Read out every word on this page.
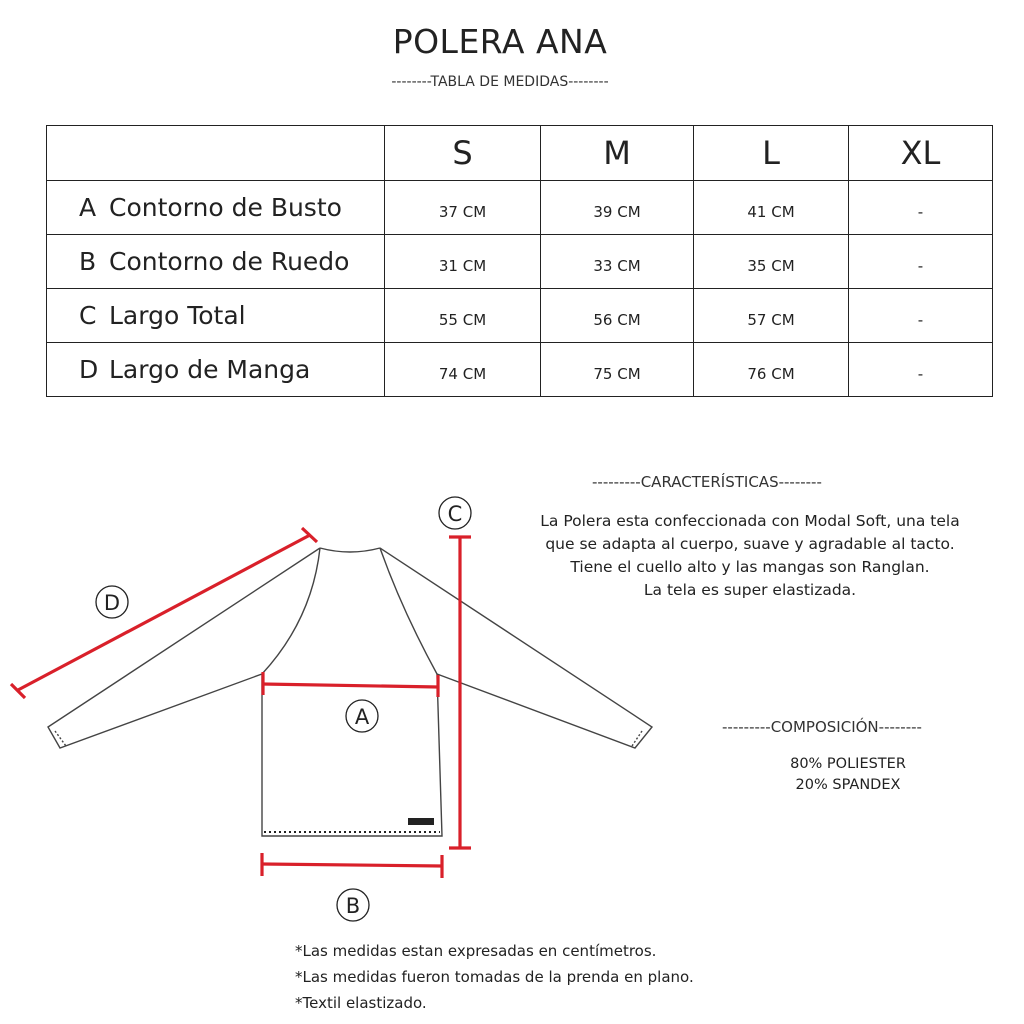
POLERA ANA
--------TABLA DE MEDIDAS--------
	S	M	L	XL
A Contorno de Busto	37 CM	39 CM	41 CM	-
B Contorno de Ruedo	31 CM	33 CM	35 CM	-
C Largo Total	55 CM	56 CM	57 CM	-
D Largo de Manga	74 CM	75 CM	76 CM	-
D
A
C
B
---------CARACTERÍSTICAS--------
La Polera esta confeccionada con Modal Soft, una tela
que se adapta al cuerpo, suave y agradable al tacto.
Tiene el cuello alto y las mangas son Ranglan.
La tela es super elastizada.
---------COMPOSICIÓN--------
80% POLIESTER
20% SPANDEX
*Las medidas estan expresadas en centímetros.
*Las medidas fueron tomadas de la prenda en plano.
*Textil elastizado.
